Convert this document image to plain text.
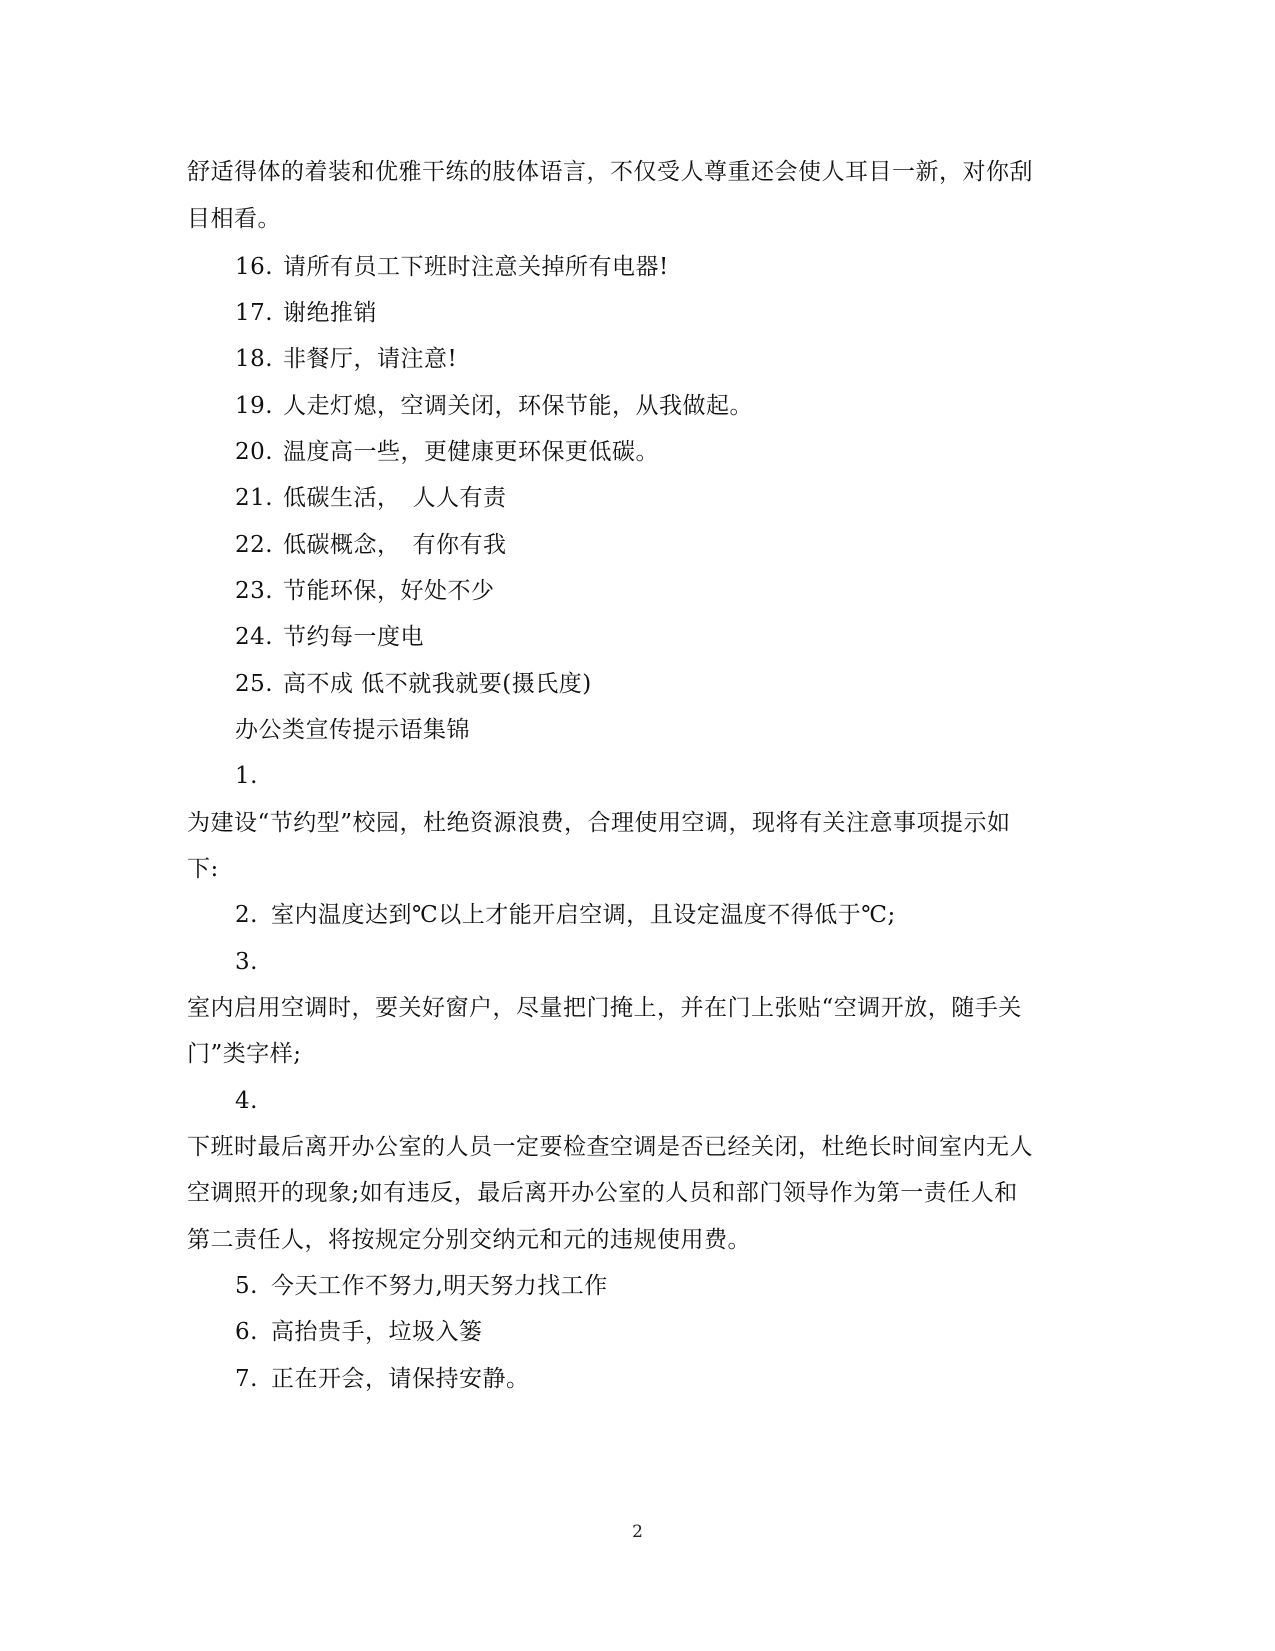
舒适得体的着装和优雅干练的肢体语言，不仅受人尊重还会使人耳目一新，对你刮
目相看。
16. 请所有员工下班时注意关掉所有电器!
17. 谢绝推销
18. 非餐厅，请注意!
19. 人走灯熄，空调关闭，环保节能，从我做起。
20. 温度高一些，更健康更环保更低碳。
21. 低碳生活，　人人有责
22. 低碳概念，　有你有我
23. 节能环保，好处不少
24. 节约每一度电
25. 高不成 低不就我就要(摄氏度)
办公类宣传提示语集锦
1.
为建设“节约型”校园，杜绝资源浪费，合理使用空调，现将有关注意事项提示如
下:
2. 室内温度达到℃以上才能开启空调，且设定温度不得低于℃;
3.
室内启用空调时，要关好窗户，尽量把门掩上，并在门上张贴“空调开放，随手关
门”类字样;
4.
下班时最后离开办公室的人员一定要检查空调是否已经关闭，杜绝长时间室内无人
空调照开的现象;如有违反，最后离开办公室的人员和部门领导作为第一责任人和
第二责任人，将按规定分别交纳元和元的违规使用费。
5. 今天工作不努力,明天努力找工作
6. 高抬贵手，垃圾入篓
7. 正在开会，请保持安静。
2
